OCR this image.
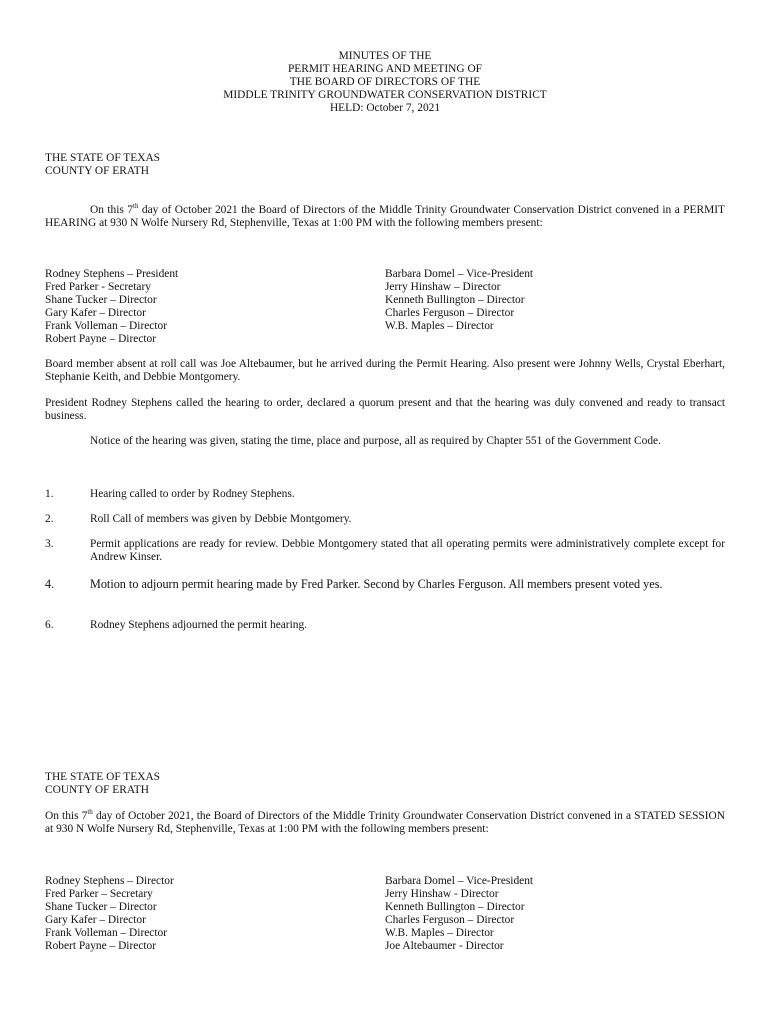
MINUTES OF THE
PERMIT HEARING AND MEETING OF
THE BOARD OF DIRECTORS OF THE
MIDDLE TRINITY GROUNDWATER CONSERVATION DISTRICT
HELD: October 7, 2021
THE STATE OF TEXAS
COUNTY OF ERATH
On this 7th day of October 2021 the Board of Directors of the Middle Trinity Groundwater Conservation District convened in a PERMIT HEARING at 930 N Wolfe Nursery Rd, Stephenville, Texas at 1:00 PM with the following members present:
Rodney Stephens – President
Fred Parker - Secretary
Shane Tucker – Director
Gary Kafer – Director
Frank Volleman – Director
Robert Payne – Director
Barbara Domel – Vice-President
Jerry Hinshaw – Director
Kenneth Bullington – Director
Charles Ferguson – Director
W.B. Maples – Director
Board member absent at roll call was Joe Altebaumer, but he arrived during the Permit Hearing. Also present were Johnny Wells, Crystal Eberhart, Stephanie Keith, and Debbie Montgomery.
President Rodney Stephens called the hearing to order, declared a quorum present and that the hearing was duly convened and ready to transact business.
Notice of the hearing was given, stating the time, place and purpose, all as required by Chapter 551 of the Government Code.
1.	Hearing called to order by Rodney Stephens.
2.	Roll Call of members was given by Debbie Montgomery.
3.	Permit applications are ready for review. Debbie Montgomery stated that all operating permits were administratively complete except for Andrew Kinser.
4.	Motion to adjourn permit hearing made by Fred Parker. Second by Charles Ferguson. All members present voted yes.
6.	Rodney Stephens adjourned the permit hearing.
THE STATE OF TEXAS
COUNTY OF ERATH
On this 7th day of October 2021, the Board of Directors of the Middle Trinity Groundwater Conservation District convened in a STATED SESSION at 930 N Wolfe Nursery Rd, Stephenville, Texas at 1:00 PM with the following members present:
Rodney Stephens – Director
Fred Parker – Secretary
Shane Tucker – Director
Gary Kafer – Director
Frank Volleman – Director
Robert Payne – Director
Barbara Domel – Vice-President
Jerry Hinshaw - Director
Kenneth Bullington – Director
Charles Ferguson – Director
W.B. Maples – Director
Joe Altebaumer - Director
